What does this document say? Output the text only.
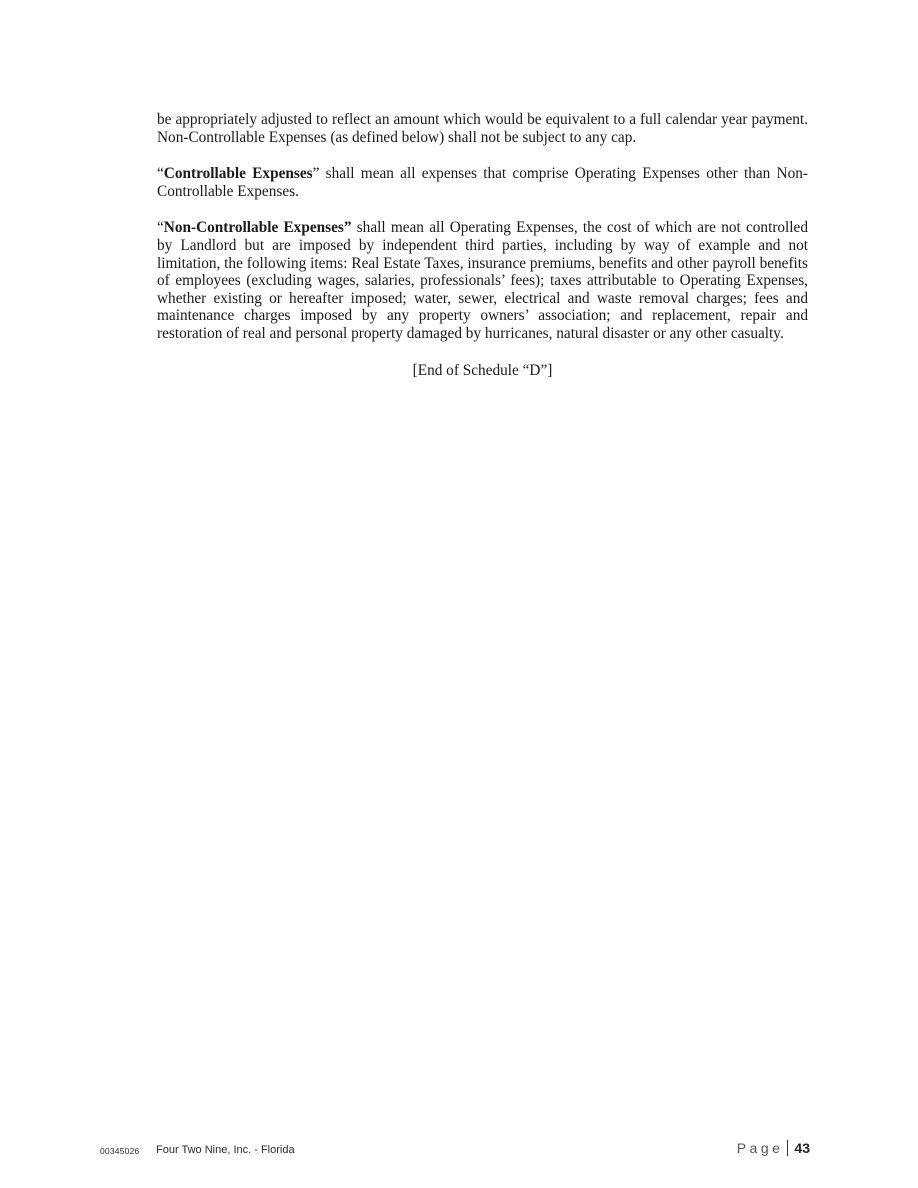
be appropriately adjusted to reflect an amount which would be equivalent to a full calendar year payment. Non-Controllable Expenses (as defined below) shall not be subject to any cap.

“Controllable Expenses” shall mean all expenses that comprise Operating Expenses other than Non-Controllable Expenses.

“Non-Controllable Expenses” shall mean all Operating Expenses, the cost of which are not controlled by Landlord but are imposed by independent third parties, including by way of example and not limitation, the following items: Real Estate Taxes, insurance premiums, benefits and other payroll benefits of employees (excluding wages, salaries, professionals’ fees); taxes attributable to Operating Expenses, whether existing or hereafter imposed; water, sewer, electrical and waste removal charges; fees and maintenance charges imposed by any property owners’ association; and replacement, repair and restoration of real and personal property damaged by hurricanes, natural disaster or any other casualty.

[End of Schedule “D”]

00345026 Four Two Nine, Inc. - Florida	Page 43
